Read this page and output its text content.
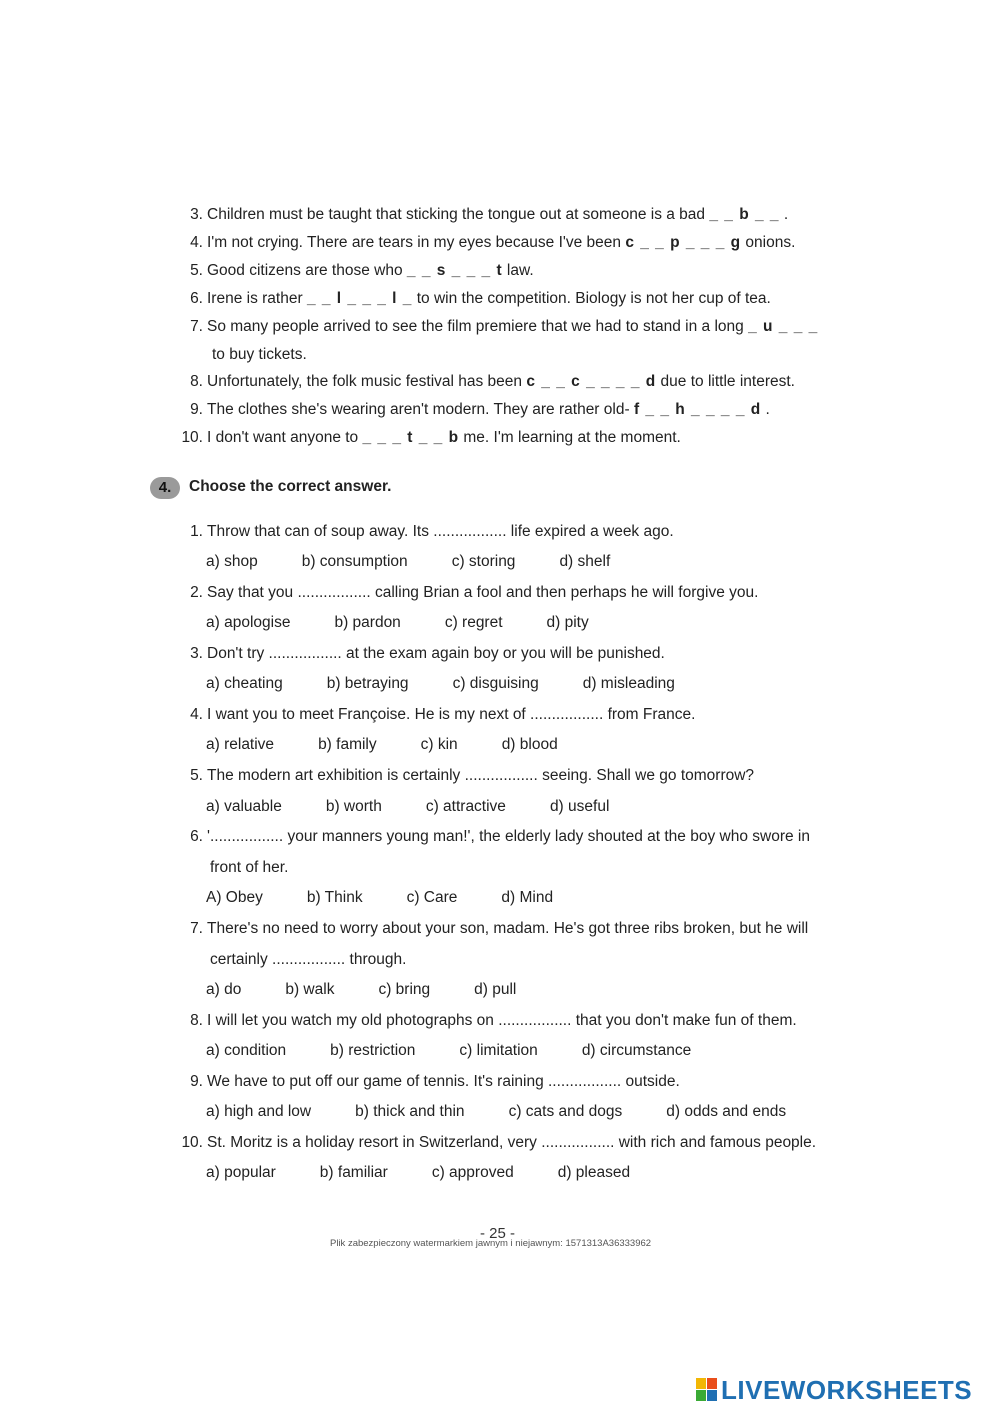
3. Children must be taught that sticking the tongue out at someone is a bad _ _ b _ _ .
4. I'm not crying. There are tears in my eyes because I've been c _ _ p _ _ _ g onions.
5. Good citizens are those who _ _ s _ _ _ t law.
6. Irene is rather _ _ l _ _ _ l _ to win the competition. Biology is not her cup of tea.
7. So many people arrived to see the film premiere that we had to stand in a long _ u _ _ _
to buy tickets.
8. Unfortunately, the folk music festival has been c _ _ c _ _ _ _ d due to little interest.
9. The clothes she's wearing aren't modern. They are rather old- f _ _ h _ _ _ _ d .
10. I don't want anyone to _ _ _ t _ _ b me. I'm learning at the moment.
4.	Choose the correct answer.
1. Throw that can of soup away. Its ................. life expired a week ago.
a) shop	b) consumption	c) storing	d) shelf
2. Say that you ................. calling Brian a fool and then perhaps he will forgive you.
a) apologise	b) pardon	c) regret	d) pity
3. Don't try ................. at the exam again boy or you will be punished.
a) cheating	b) betraying	c) disguising	d) misleading
4. I want you to meet Françoise. He is my next of ................. from France.
a) relative	b) family	c) kin	d) blood
5. The modern art exhibition is certainly ................. seeing. Shall we go tomorrow?
a) valuable	b) worth	c) attractive	d) useful
6. '................. your manners young man!', the elderly lady shouted at the boy who swore in
front of her.
A) Obey	b) Think	c) Care	d) Mind
7. There's no need to worry about your son, madam. He's got three ribs broken, but he will
certainly ................. through.
a) do	b) walk	c) bring	d) pull
8. I will let you watch my old photographs on ................. that you don't make fun of them.
a) condition	b) restriction	c) limitation	d) circumstance
9. We have to put off our game of tennis. It's raining ................. outside.
a) high and low	b) thick and thin	c) cats and dogs	d) odds and ends
10. St. Moritz is a holiday resort in Switzerland, very ................. with rich and famous people.
a) popular	b) familiar	c) approved	d) pleased
- 25 -
Plik zabezpieczony watermarkiem jawnym i niejawnym: 1571313A36333962
LIVEWORKSHEETS
